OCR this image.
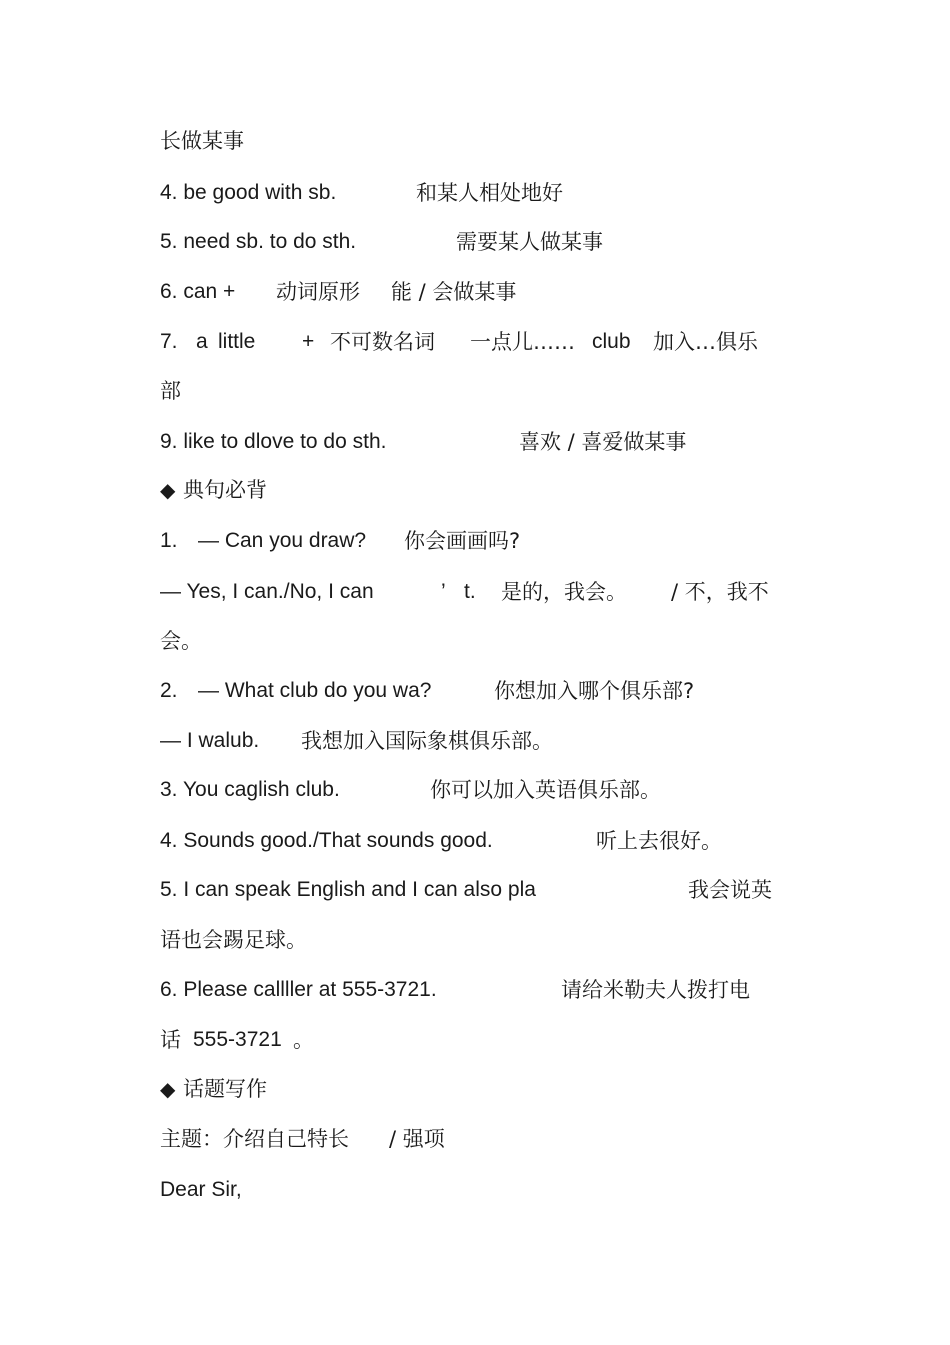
长做某事
4. be good with sb.	和某人相处地好
5. need sb. to do sth.	需要某人做某事
6. can + 动词原形 能 / 会做某事
7. a little + 不可数名词 一点儿…… club 加入…俱乐
部
9. like to dlove to do sth.	喜欢 / 喜爱做某事
◆ 典句必背
1. — Can you draw? 你会画画吗?
— Yes, I can./No, I can	’ t. 是的，我会。 / 不，我不
会。
2. — What club do you wa?	你想加入哪个俱乐部?
— I walub. 我想加入国际象棋俱乐部。
3. You caglish club.	你可以加入英语俱乐部。
4. Sounds good./That sounds good.	听上去很好。
5. I can speak English and I can also pla	我会说英
语也会踢足球。
6. Please callller at 555-3721.	请给米勒夫人拨打电
话 555-3721 。
◆ 话题写作
主题：介绍自己特长 / 强项
Dear Sir,
